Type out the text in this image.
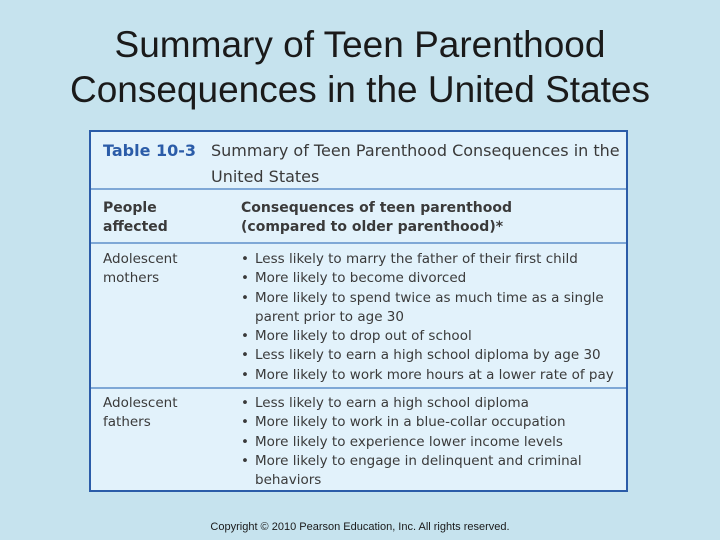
Summary of Teen Parenthood
Consequences in the United States
Table 10-3 Summary of Teen Parenthood Consequences in the United States
People affected
Consequences of teen parenthood (compared to older parenthood)*
Adolescent mothers
• Less likely to marry the father of their first child
• More likely to become divorced
• More likely to spend twice as much time as a single parent prior to age 30
• More likely to drop out of school
• Less likely to earn a high school diploma by age 30
• More likely to work more hours at a lower rate of pay
Adolescent fathers
• Less likely to earn a high school diploma
• More likely to work in a blue-collar occupation
• More likely to experience lower income levels
• More likely to engage in delinquent and criminal behaviors
Copyright © 2010 Pearson Education, Inc. All rights reserved.
